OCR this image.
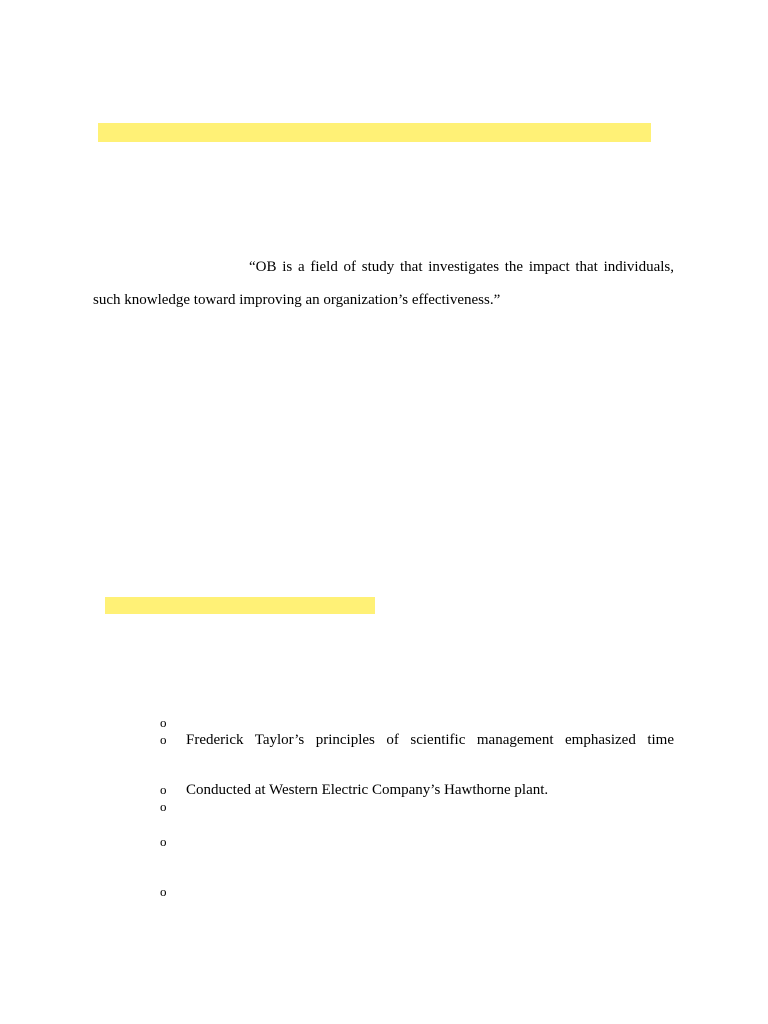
“OB is a field of study that investigates the impact that individuals,
such knowledge toward improving an organization’s effectiveness.”
o
o Frederick Taylor’s principles of scientific management emphasized time
o Conducted at Western Electric Company’s Hawthorne plant.
o
o
o
